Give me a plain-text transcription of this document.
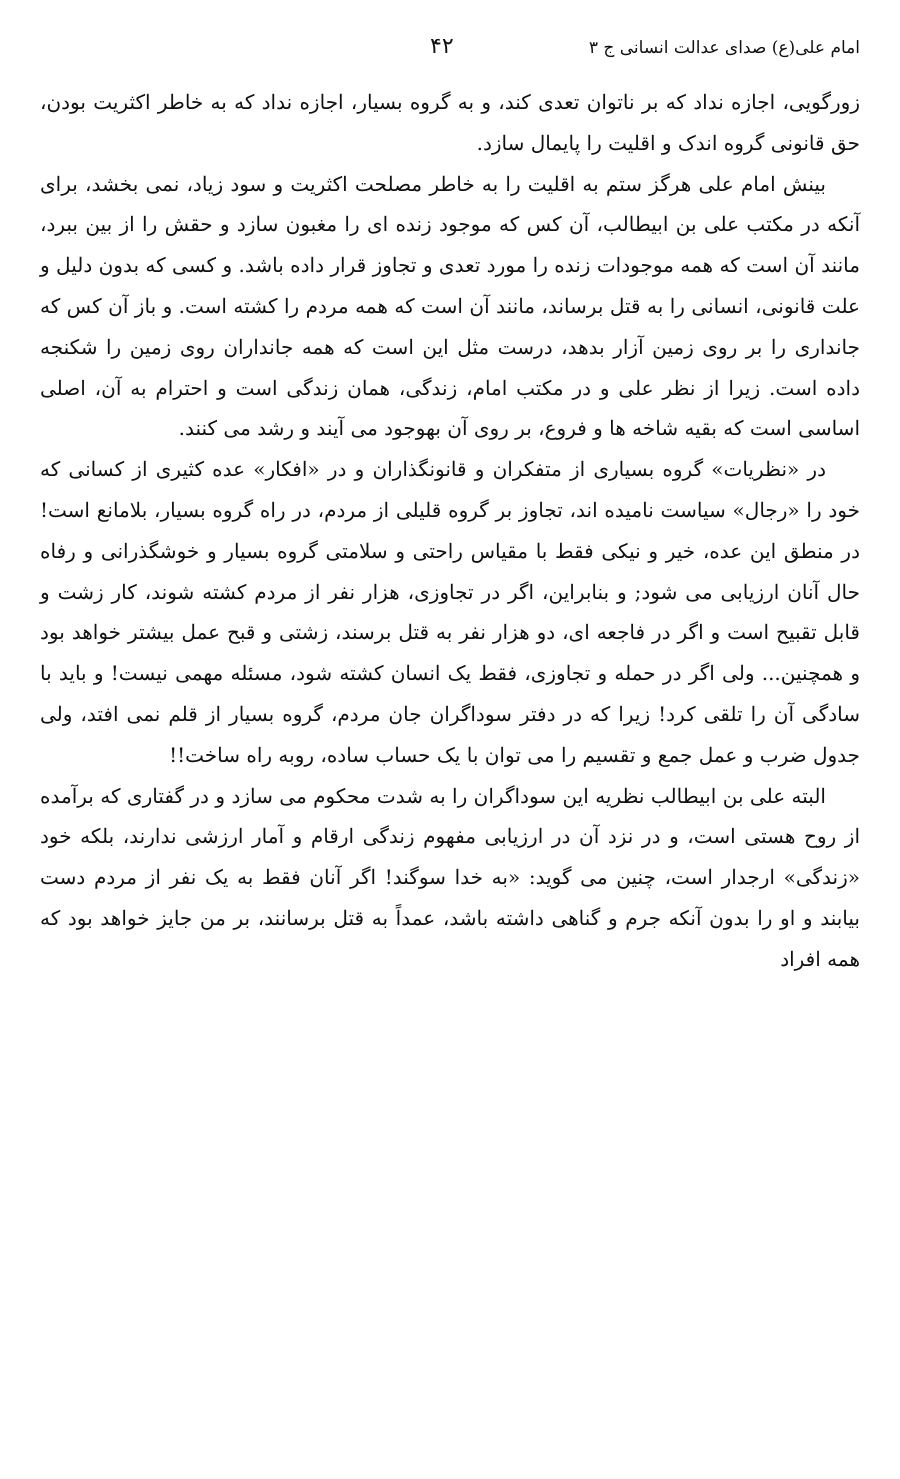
امام علی(ع) صدای عدالت انسانی ج ۳
۴۲

زورگویی، اجازه نداد که بر ناتوان تعدی کند، و به گروه بسیار، اجازه نداد که به خاطر اکثریت بودن، حق قانونی گروه اندک و اقلیت را پایمال سازد.

بینش امام علی هرگز ستم به اقلیت را به خاطر مصلحت اکثریت و سود زیاد، نمی بخشد، برای آنکه در مکتب علی بن ابیطالب، آن کس که موجود زنده ای را مغبون سازد و حقش را از بین ببرد، مانند آن است که همه موجودات زنده را مورد تعدی و تجاوز قرار داده باشد. و کسی که بدون دلیل و علت قانونی، انسانی را به قتل برساند، مانند آن است که همه مردم را کشته است. و باز آن کس که جانداری را بر روی زمین آزار بدهد، درست مثل این است که همه جانداران روی زمین را شکنجه داده است. زیرا از نظر علی و در مکتب امام، زندگی، همان زندگی است و احترام به آن، اصلی اساسی است که بقیه شاخه ها و فروع، بر روی آن بهوجود می آیند و رشد می کنند.

در «نظریات» گروه بسیاری از متفکران و قانونگذاران و در «افکار» عده کثیری از کسانی که خود را «رجال» سیاست نامیده اند، تجاوز بر گروه قلیلی از مردم، در راه گروه بسیار، بلامانع است! در منطق این عده، خیر و نیکی فقط با مقیاس راحتی و سلامتی گروه بسیار و خوشگذرانی و رفاه حال آنان ارزیابی می شود; و بنابراین، اگر در تجاوزی، هزار نفر از مردم کشته شوند، کار زشت و قابل تقبیح است و اگر در فاجعه ای، دو هزار نفر به قتل برسند، زشتی و قبح عمل بیشتر خواهد بود و همچنین... ولی اگر در حمله و تجاوزی، فقط یک انسان کشته شود، مسئله مهمی نیست! و باید با سادگی آن را تلقی کرد! زیرا که در دفتر سوداگران جان مردم، گروه بسیار از قلم نمی افتد، ولی جدول ضرب و عمل جمع و تقسیم را می توان با یک حساب ساده، روبه راه ساخت!!

البته علی بن ابیطالب نظریه این سوداگران را به شدت محکوم می سازد و در گفتاری که برآمده از روح هستی است، و در نزد آن در ارزیابی مفهوم زندگی ارقام و آمار ارزشی ندارند، بلکه خود «زندگی» ارجدار است، چنین می گوید: «به خدا سوگند! اگر آنان فقط به یک نفر از مردم دست بیابند و او را بدون آنکه جرم و گناهی داشته باشد، عمداً به قتل برسانند، بر من جایز خواهد بود که همه افراد
